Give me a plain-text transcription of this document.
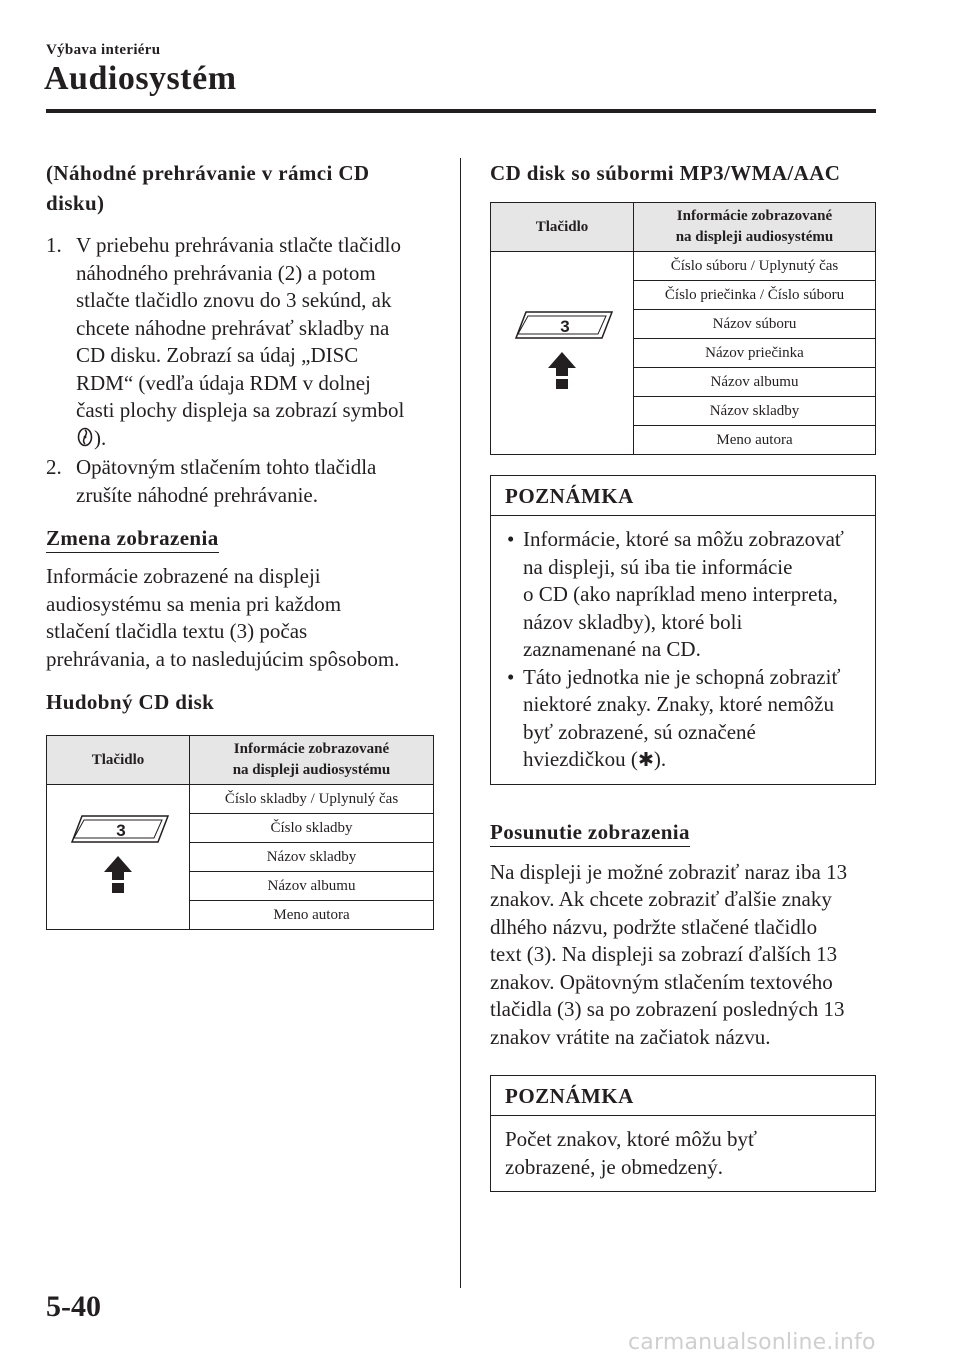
Výbava interiéru
Audiosystém
(Náhodné prehrávanie v rámci CD
disku)
1. V priebehu prehrávania stlačte tlačidlo
náhodného prehrávania (2) a potom
stlačte tlačidlo znovu do 3 sekúnd, ak
chcete náhodne prehrávať skladby na
CD disku. Zobrazí sa údaj „DISC
RDM“ (vedľa údaja RDM v dolnej
časti plochy displeja sa zobrazí symbol
).
2. Opätovným stlačením tohto tlačidla
zrušíte náhodné prehrávanie.
Zmena zobrazenia
Informácie zobrazené na displeji
audiosystému sa menia pri každom
stlačení tlačidla textu (3) počas
prehrávania, a to nasledujúcim spôsobom.
Hudobný CD disk
Tlačidlo	Informácie zobrazované
na displeji audiosystému

3	Číslo skladby / Uplynulý čas
	Číslo skladby
	Názov skladby
	Názov albumu
	Meno autora
CD disk so súbormi MP3/WMA/AAC
Tlačidlo	Informácie zobrazované
na displeji audiosystému

3	Číslo súboru / Uplynutý čas
	Číslo priečinka / Číslo súboru
	Názov súboru
	Názov priečinka
	Názov albumu
	Názov skladby
	Meno autora
POZNÁMKA
• Informácie, ktoré sa môžu zobrazovať
na displeji, sú iba tie informácie
o CD (ako napríklad meno interpreta,
názov skladby), ktoré boli
zaznamenané na CD.
• Táto jednotka nie je schopná zobraziť
niektoré znaky. Znaky, ktoré nemôžu
byť zobrazené, sú označené
hviezdičkou ( ).
Posunutie zobrazenia
Na displeji je možné zobraziť naraz iba 13
znakov. Ak chcete zobraziť ďalšie znaky
dlhého názvu, podržte stlačené tlačidlo
text (3). Na displeji sa zobrazí ďalších 13
znakov. Opätovným stlačením textového
tlačidla (3) sa po zobrazení posledných 13
znakov vrátite na začiatok názvu.
POZNÁMKA
Počet znakov, ktoré môžu byť
zobrazené, je obmedzený.
5-40
carmanualsonline.info
